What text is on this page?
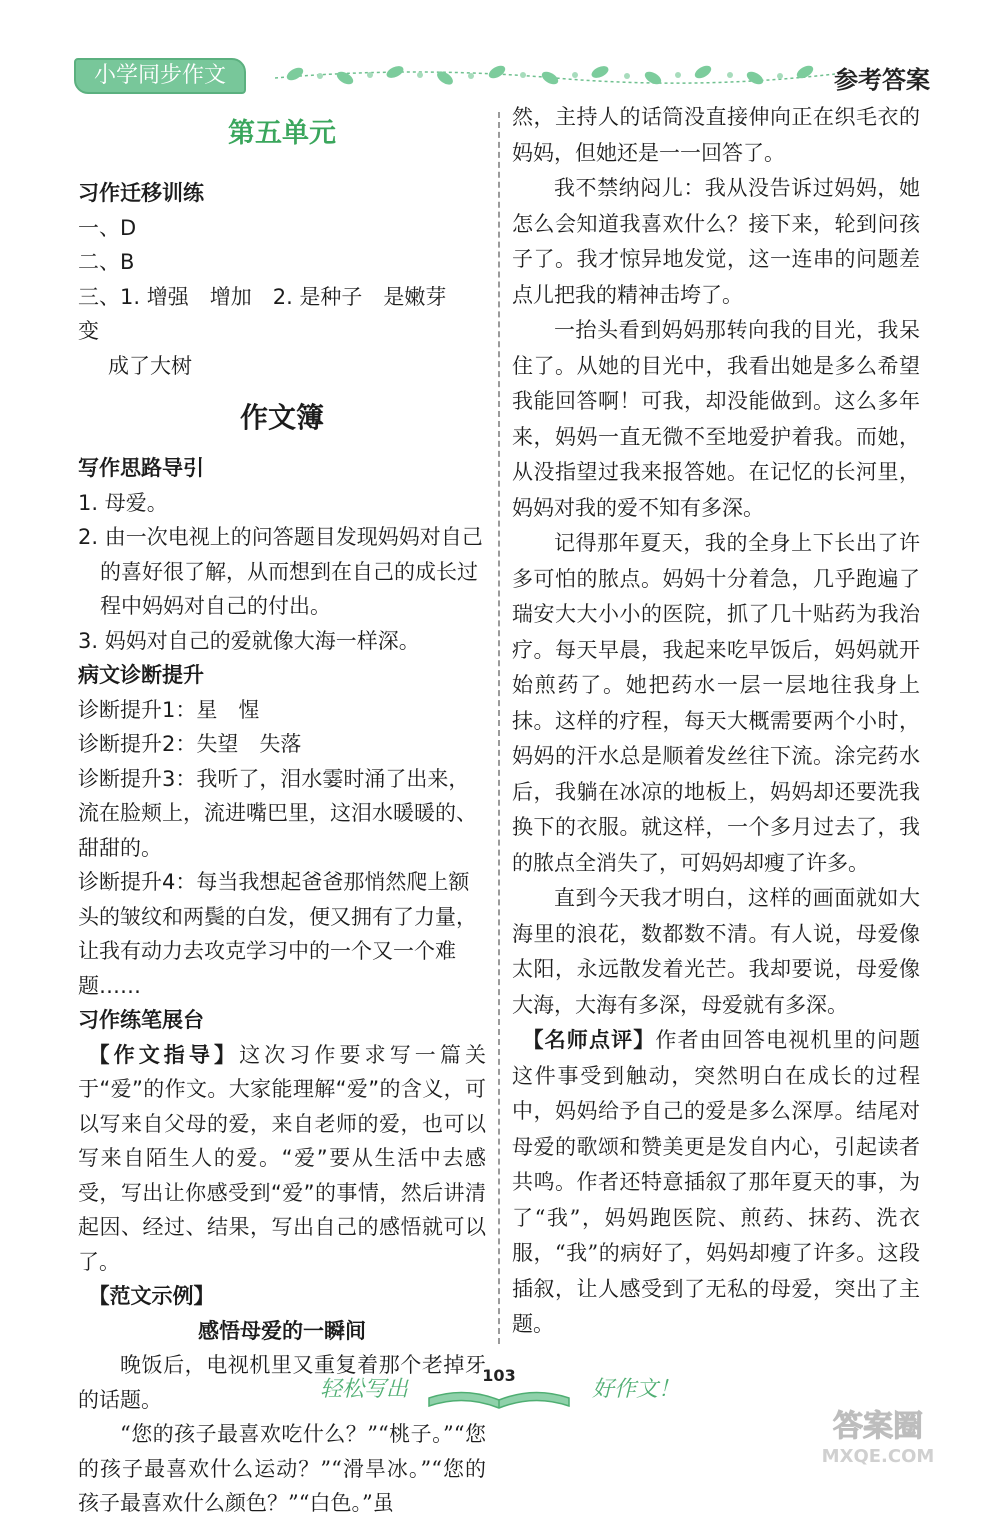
小学同步作文	参考答案
第五单元
习作迁移训练
一、D
二、B
三、1. 增强　增加　2. 是种子　是嫩芽　变
成了大树
作文簿
写作思路导引
1. 母爱。
2. 由一次电视上的问答题目发现妈妈对自己的喜好很了解，从而想到在自己的成长过程中妈妈对自己的付出。
3. 妈妈对自己的爱就像大海一样深。
病文诊断提升
诊断提升1：星　惺
诊断提升2：失望　失落
诊断提升3：我听了，泪水霎时涌了出来，流在脸颊上，流进嘴巴里，这泪水暖暖的、甜甜的。
诊断提升4：每当我想起爸爸那悄然爬上额头的皱纹和两鬓的白发，便又拥有了力量，让我有动力去攻克学习中的一个又一个难题……
习作练笔展台
【作文指导】这次习作要求写一篇关于“爱”的作文。大家能理解“爱”的含义，可以写来自父母的爱，来自老师的爱，也可以写来自陌生人的爱。“爱”要从生活中去感受，写出让你感受到“爱”的事情，然后讲清起因、经过、结果，写出自己的感悟就可以了。
【范文示例】
感悟母爱的一瞬间
晚饭后，电视机里又重复着那个老掉牙的话题。
“您的孩子最喜欢吃什么？”“桃子。”“您的孩子最喜欢什么运动？”“滑旱冰。”“您的孩子最喜欢什么颜色？”“白色。”虽
然，主持人的话筒没直接伸向正在织毛衣的妈妈，但她还是一一回答了。
我不禁纳闷儿：我从没告诉过妈妈，她怎么会知道我喜欢什么？接下来，轮到问孩子了。我才惊异地发觉，这一连串的问题差点儿把我的精神击垮了。
一抬头看到妈妈那转向我的目光，我呆住了。从她的目光中，我看出她是多么希望我能回答啊！可我，却没能做到。这么多年来，妈妈一直无微不至地爱护着我。而她，从没指望过我来报答她。在记忆的长河里，妈妈对我的爱不知有多深。
记得那年夏天，我的全身上下长出了许多可怕的脓点。妈妈十分着急，几乎跑遍了瑞安大大小小的医院，抓了几十贴药为我治疗。每天早晨，我起来吃早饭后，妈妈就开始煎药了。她把药水一层一层地往我身上抹。这样的疗程，每天大概需要两个小时，妈妈的汗水总是顺着发丝往下流。涂完药水后，我躺在冰凉的地板上，妈妈却还要洗我换下的衣服。就这样，一个多月过去了，我的脓点全消失了，可妈妈却瘦了许多。
直到今天我才明白，这样的画面就如大海里的浪花，数都数不清。有人说，母爱像太阳，永远散发着光芒。我却要说，母爱像大海，大海有多深，母爱就有多深。
【名师点评】作者由回答电视机里的问题这件事受到触动，突然明白在成长的过程中，妈妈给予自己的爱是多么深厚。结尾对母爱的歌颂和赞美更是发自内心，引起读者共鸣。作者还特意插叙了那年夏天的事，为了“我”，妈妈跑医院、煎药、抹药、洗衣服，“我”的病好了，妈妈却瘦了许多。这段插叙，让人感受到了无私的母爱，突出了主题。
轻松写出
103
好作文！
答案圈
MXQE.COM
